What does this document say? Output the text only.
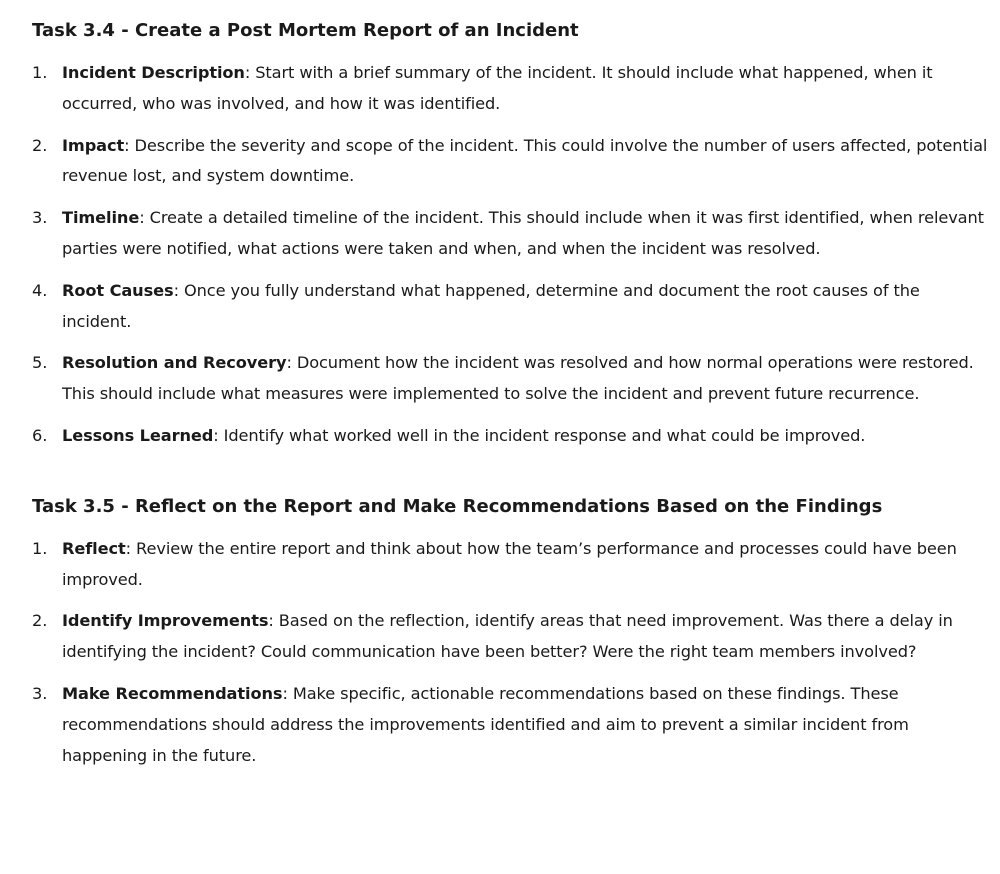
Task 3.4 - Create a Post Mortem Report of an Incident
1. Incident Description: Start with a brief summary of the incident. It should include what happened, when it occurred, who was involved, and how it was identified.
2. Impact: Describe the severity and scope of the incident. This could involve the number of users affected, potential revenue lost, and system downtime.
3. Timeline: Create a detailed timeline of the incident. This should include when it was first identified, when relevant parties were notified, what actions were taken and when, and when the incident was resolved.
4. Root Causes: Once you fully understand what happened, determine and document the root causes of the incident.
5. Resolution and Recovery: Document how the incident was resolved and how normal operations were restored. This should include what measures were implemented to solve the incident and prevent future recurrence.
6. Lessons Learned: Identify what worked well in the incident response and what could be improved.
Task 3.5 - Reflect on the Report and Make Recommendations Based on the Findings
1. Reflect: Review the entire report and think about how the team’s performance and processes could have been improved.
2. Identify Improvements: Based on the reflection, identify areas that need improvement. Was there a delay in identifying the incident? Could communication have been better? Were the right team members involved?
3. Make Recommendations: Make specific, actionable recommendations based on these findings. These recommendations should address the improvements identified and aim to prevent a similar incident from happening in the future.
